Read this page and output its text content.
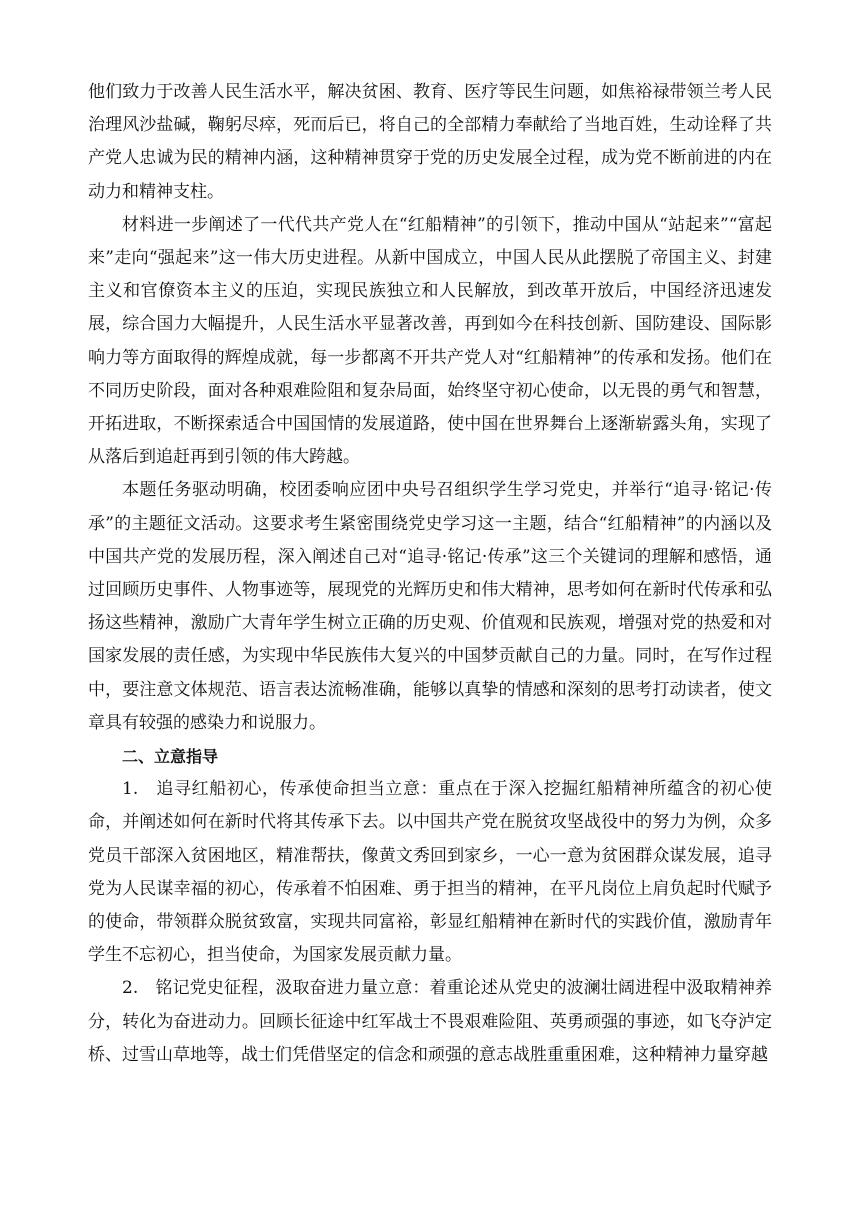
他们致力于改善人民生活水平，解决贫困、教育、医疗等民生问题，如焦裕禄带领兰考人民治理风沙盐碱，鞠躬尽瘁，死而后已，将自己的全部精力奉献给了当地百姓，生动诠释了共产党人忠诚为民的精神内涵，这种精神贯穿于党的历史发展全过程，成为党不断前进的内在动力和精神支柱。

材料进一步阐述了一代代共产党人在“红船精神”的引领下，推动中国从“站起来”“富起来”走向“强起来”这一伟大历史进程。从新中国成立，中国人民从此摆脱了帝国主义、封建主义和官僚资本主义的压迫，实现民族独立和人民解放，到改革开放后，中国经济迅速发展，综合国力大幅提升，人民生活水平显著改善，再到如今在科技创新、国防建设、国际影响力等方面取得的辉煌成就，每一步都离不开共产党人对“红船精神”的传承和发扬。他们在不同历史阶段，面对各种艰难险阻和复杂局面，始终坚守初心使命，以无畏的勇气和智慧，开拓进取，不断探索适合中国国情的发展道路，使中国在世界舞台上逐渐崭露头角，实现了从落后到追赶再到引领的伟大跨越。

本题任务驱动明确，校团委响应团中央号召组织学生学习党史，并举行“追寻·铭记·传承”的主题征文活动。这要求考生紧密围绕党史学习这一主题，结合“红船精神”的内涵以及中国共产党的发展历程，深入阐述自己对“追寻·铭记·传承”这三个关键词的理解和感悟，通过回顾历史事件、人物事迹等，展现党的光辉历史和伟大精神，思考如何在新时代传承和弘扬这些精神，激励广大青年学生树立正确的历史观、价值观和民族观，增强对党的热爱和对国家发展的责任感，为实现中华民族伟大复兴的中国梦贡献自己的力量。同时，在写作过程中，要注意文体规范、语言表达流畅准确，能够以真挚的情感和深刻的思考打动读者，使文章具有较强的感染力和说服力。

二、立意指导

1.　追寻红船初心，传承使命担当立意：重点在于深入挖掘红船精神所蕴含的初心使命，并阐述如何在新时代将其传承下去。以中国共产党在脱贫攻坚战役中的努力为例，众多党员干部深入贫困地区，精准帮扶，像黄文秀回到家乡，一心一意为贫困群众谋发展，追寻党为人民谋幸福的初心，传承着不怕困难、勇于担当的精神，在平凡岗位上肩负起时代赋予的使命，带领群众脱贫致富，实现共同富裕，彰显红船精神在新时代的实践价值，激励青年学生不忘初心，担当使命，为国家发展贡献力量。

2.　铭记党史征程，汲取奋进力量立意：着重论述从党史的波澜壮阔进程中汲取精神养分，转化为奋进动力。回顾长征途中红军战士不畏艰难险阻、英勇顽强的事迹，如飞夺泸定桥、过雪山草地等，战士们凭借坚定的信念和顽强的意志战胜重重困难，这种精神力量穿越
